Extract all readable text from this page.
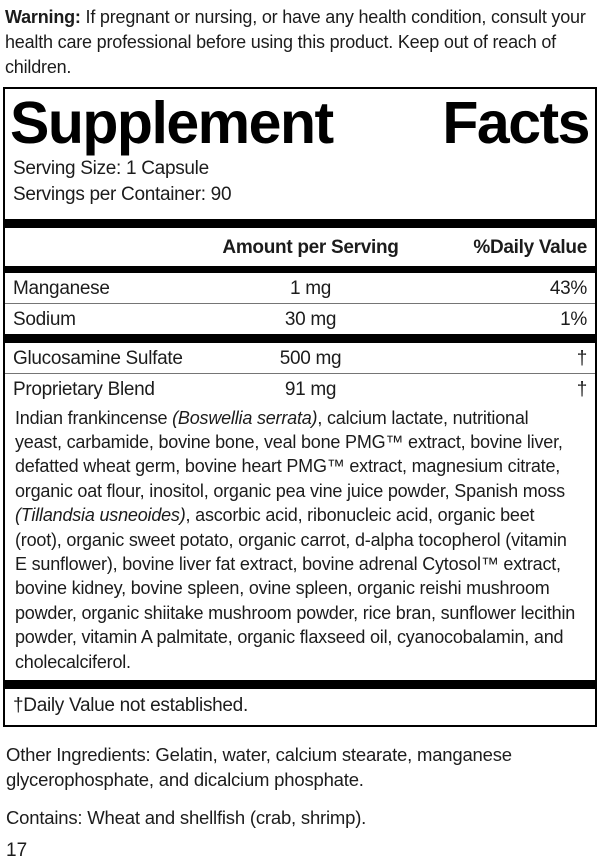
Warning: If pregnant or nursing, or have any health condition, consult your health care professional before using this product. Keep out of reach of children.

Supplement Facts
Serving Size: 1 Capsule
Servings per Container: 90
Amount per Serving	%Daily Value
Manganese	1 mg	43%
Sodium	30 mg	1%
Glucosamine Sulfate	500 mg	†
Proprietary Blend	91 mg	†
Indian frankincense (Boswellia serrata), calcium lactate, nutritional yeast, carbamide, bovine bone, veal bone PMG™ extract, bovine liver, defatted wheat germ, bovine heart PMG™ extract, magnesium citrate, organic oat flour, inositol, organic pea vine juice powder, Spanish moss (Tillandsia usneoides), ascorbic acid, ribonucleic acid, organic beet (root), organic sweet potato, organic carrot, d-alpha tocopherol (vitamin E sunflower), bovine liver fat extract, bovine adrenal Cytosol™ extract, bovine kidney, bovine spleen, ovine spleen, organic reishi mushroom powder, organic shiitake mushroom powder, rice bran, sunflower lecithin powder, vitamin A palmitate, organic flaxseed oil, cyanocobalamin, and cholecalciferol.
†Daily Value not established.

Other Ingredients: Gelatin, water, calcium stearate, manganese glycerophosphate, and dicalcium phosphate.

Contains: Wheat and shellfish (crab, shrimp).

17
